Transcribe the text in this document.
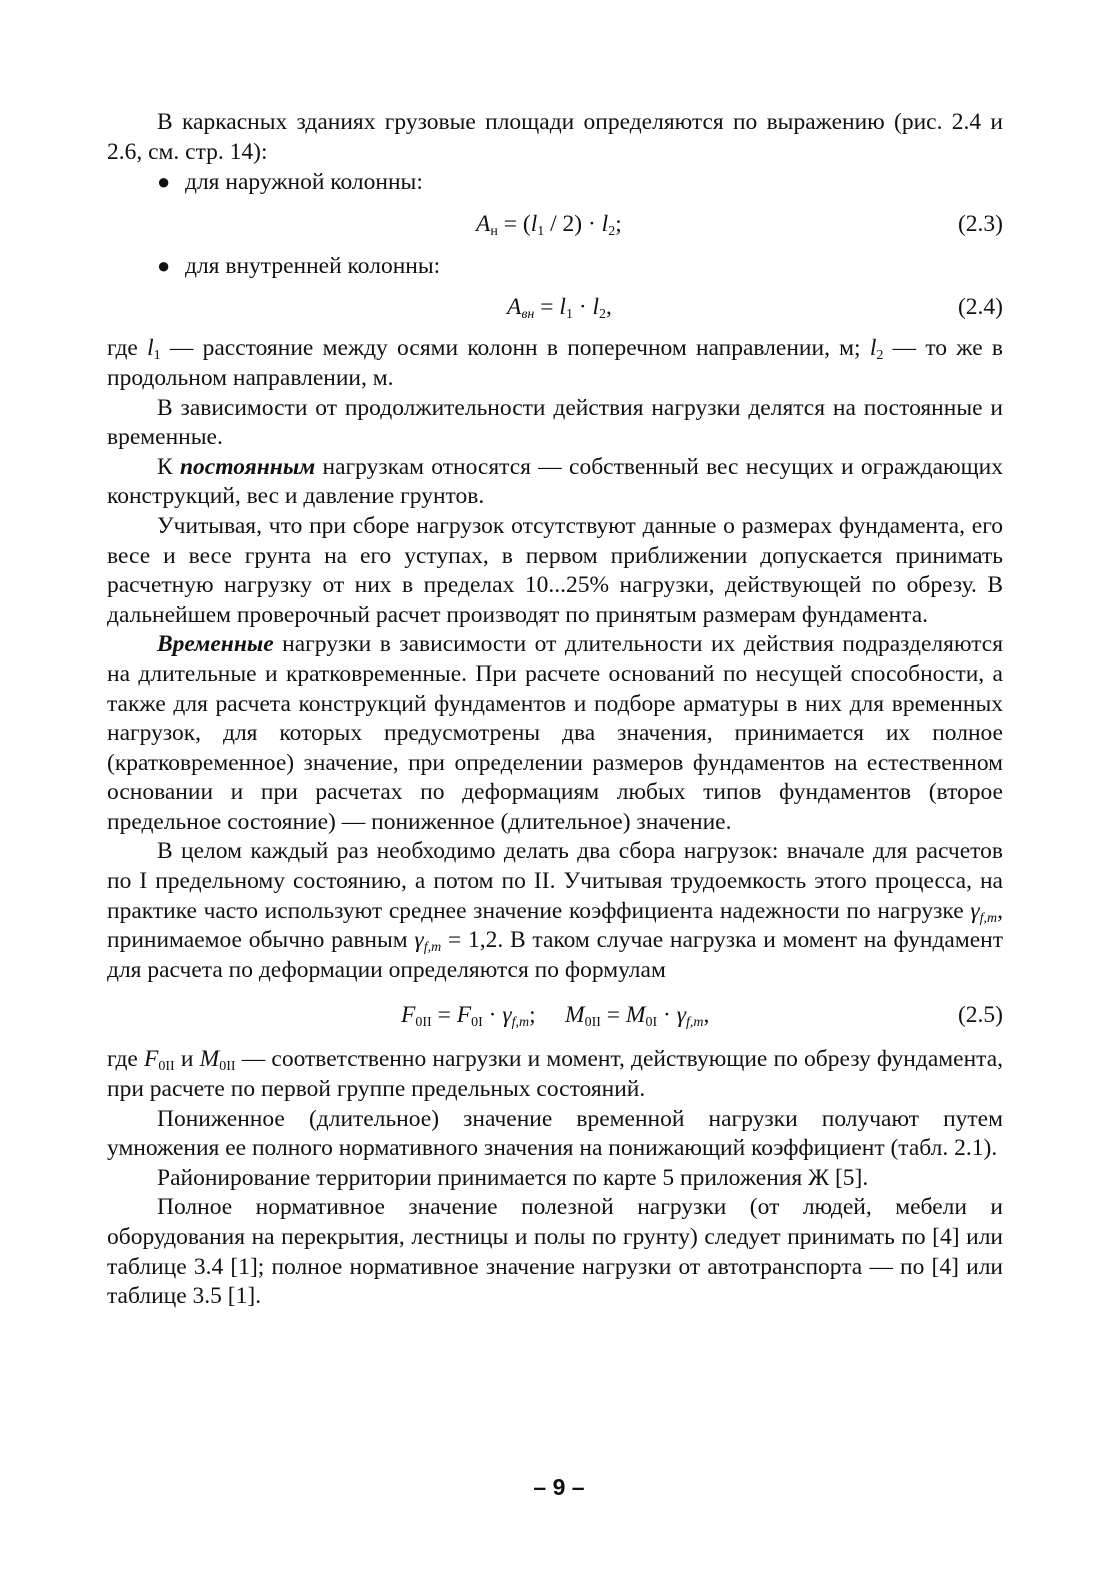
В каркасных зданиях грузовые площади определяются по выражению (рис. 2.4 и 2.6, см. стр. 14):

● для наружной колонны:

$A_н = (l_1 / 2) \cdot l_2$;	(2.3)

● для внутренней колонны:

$A_{вн} = l_1 \cdot l_2$,	(2.4)

где $l_1$ — расстояние между осями колонн в поперечном направлении, м; $l_2$ — то же в продольном направлении, м.

В зависимости от продолжительности действия нагрузки делятся на постоянные и временные.

К постоянным нагрузкам относятся — собственный вес несущих и ограждающих конструкций, вес и давление грунтов.

Учитывая, что при сборе нагрузок отсутствуют данные о размерах фундамента, его весе и весе грунта на его уступах, в первом приближении допускается принимать расчетную нагрузку от них в пределах 10...25% нагрузки, действующей по обрезу. В дальнейшем проверочный расчет производят по принятым размерам фундамента.

Временные нагрузки в зависимости от длительности их действия подразделяются на длительные и кратковременные. При расчете оснований по несущей способности, а также для расчета конструкций фундаментов и подборе арматуры в них для временных нагрузок, для которых предусмотрены два значения, принимается их полное (кратковременное) значение, при определении размеров фундаментов на естественном основании и при расчетах по деформациям любых типов фундаментов (второе предельное состояние) — пониженное (длительное) значение.

В целом каждый раз необходимо делать два сбора нагрузок: вначале для расчетов по I предельному состоянию, а потом по II. Учитывая трудоемкость этого процесса, на практике часто используют среднее значение коэффициента надежности по нагрузке $\gamma_{f,m}$, принимаемое обычно равным $\gamma_{f,m} = 1,2$. В таком случае нагрузка и момент на фундамент для расчета по деформации определяются по формулам

$F_{0II} = F_{0I} \cdot \gamma_{f,m}$;     $M_{0II} = M_{0I} \cdot \gamma_{f,m}$,	(2.5)

где $F_{0II}$ и $M_{0II}$ — соответственно нагрузки и момент, действующие по обрезу фундамента, при расчете по первой группе предельных состояний.

Пониженное (длительное) значение временной нагрузки получают путем умножения ее полного нормативного значения на понижающий коэффициент (табл. 2.1).

Районирование территории принимается по карте 5 приложения Ж [5].

Полное нормативное значение полезной нагрузки (от людей, мебели и оборудования на перекрытия, лестницы и полы по грунту) следует принимать по [4] или таблице 3.4 [1]; полное нормативное значение нагрузки от автотранспорта — по [4] или таблице 3.5 [1].

– 9 –
